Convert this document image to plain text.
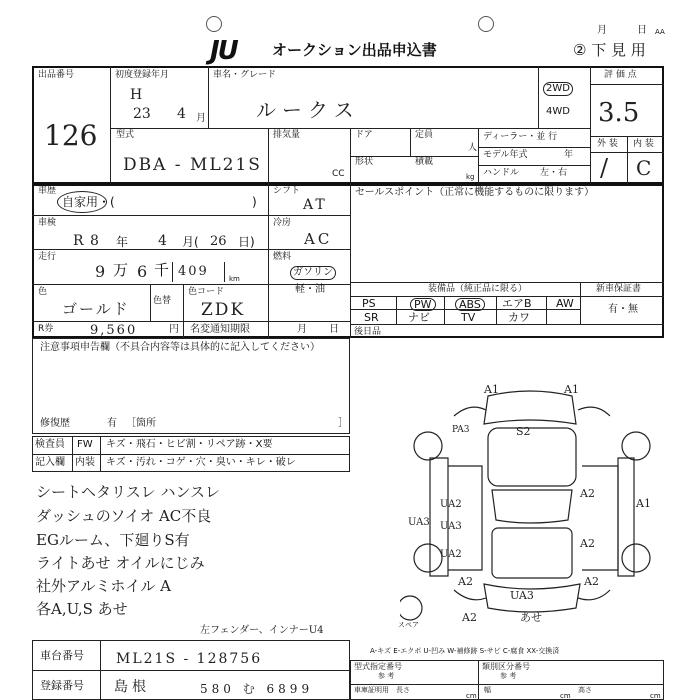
JU オークション出品申込書
月	日 AA
② 下 見 用
出品番号
126
初度登録年月
H
23 4 月
車名・グレード
ルークス
2WD
4WD
評 価 点
3.5
型式
DBA - ML21S
排気量
CC
ドア	定員
人
形状	積載
kg
ディーラー・並 行
モデル年式	年
ハンドル 左・右
外 装 内 装
/ C
車歴
自家用・(	)
シフト
AT
車検
R 8 年 4 月( 26 日)
冷房
AC
走行
9 万 6 千 409	km
燃料
ガソリン
軽・油
色
ゴールド	色替
色コード
ZDK
R券	9,560	円 名変通知期限	月 日
セールスポイント（正常に機能するものに限ります）
装備品（純正品に限る）	新車保証書
有・無
PS	PW	ABS	エアB AW
SR	ナビ	TV	カワ
後日品
注意事項申告欄（不具合内容等は具体的に記入してください）
修復歴	有 ［箇所	］
検査員
記入欄
FW キズ・飛石・ヒビ割・リペア跡・X要
内装 キズ・汚れ・コゲ・穴・臭い・キレ・破レ
シートヘタリスレ ハンスレ
ダッシュのソイオ AC不良
EGルーム、下廻りS有
ライトあせ オイルにじみ
社外アルミホイル A
各A,U,S あせ
A1	A1
S2
PA3
A2
A1
UA2
UA3 UA3
UA2
A2
UA3
A2	A2
A2	あせ
スペア
左フェンダー、インナーU4
A-キズ E-エクボ U-凹み W-補修跡 S-サビ C-腐食 XX-交換済
車台番号 ML21S - 128756
登録番号 島根	580 む 6899
型式指定番号
参 考
類別区分番号
参 考
車庫証明用 長さ
cm
幅
cm
高さ
cm
